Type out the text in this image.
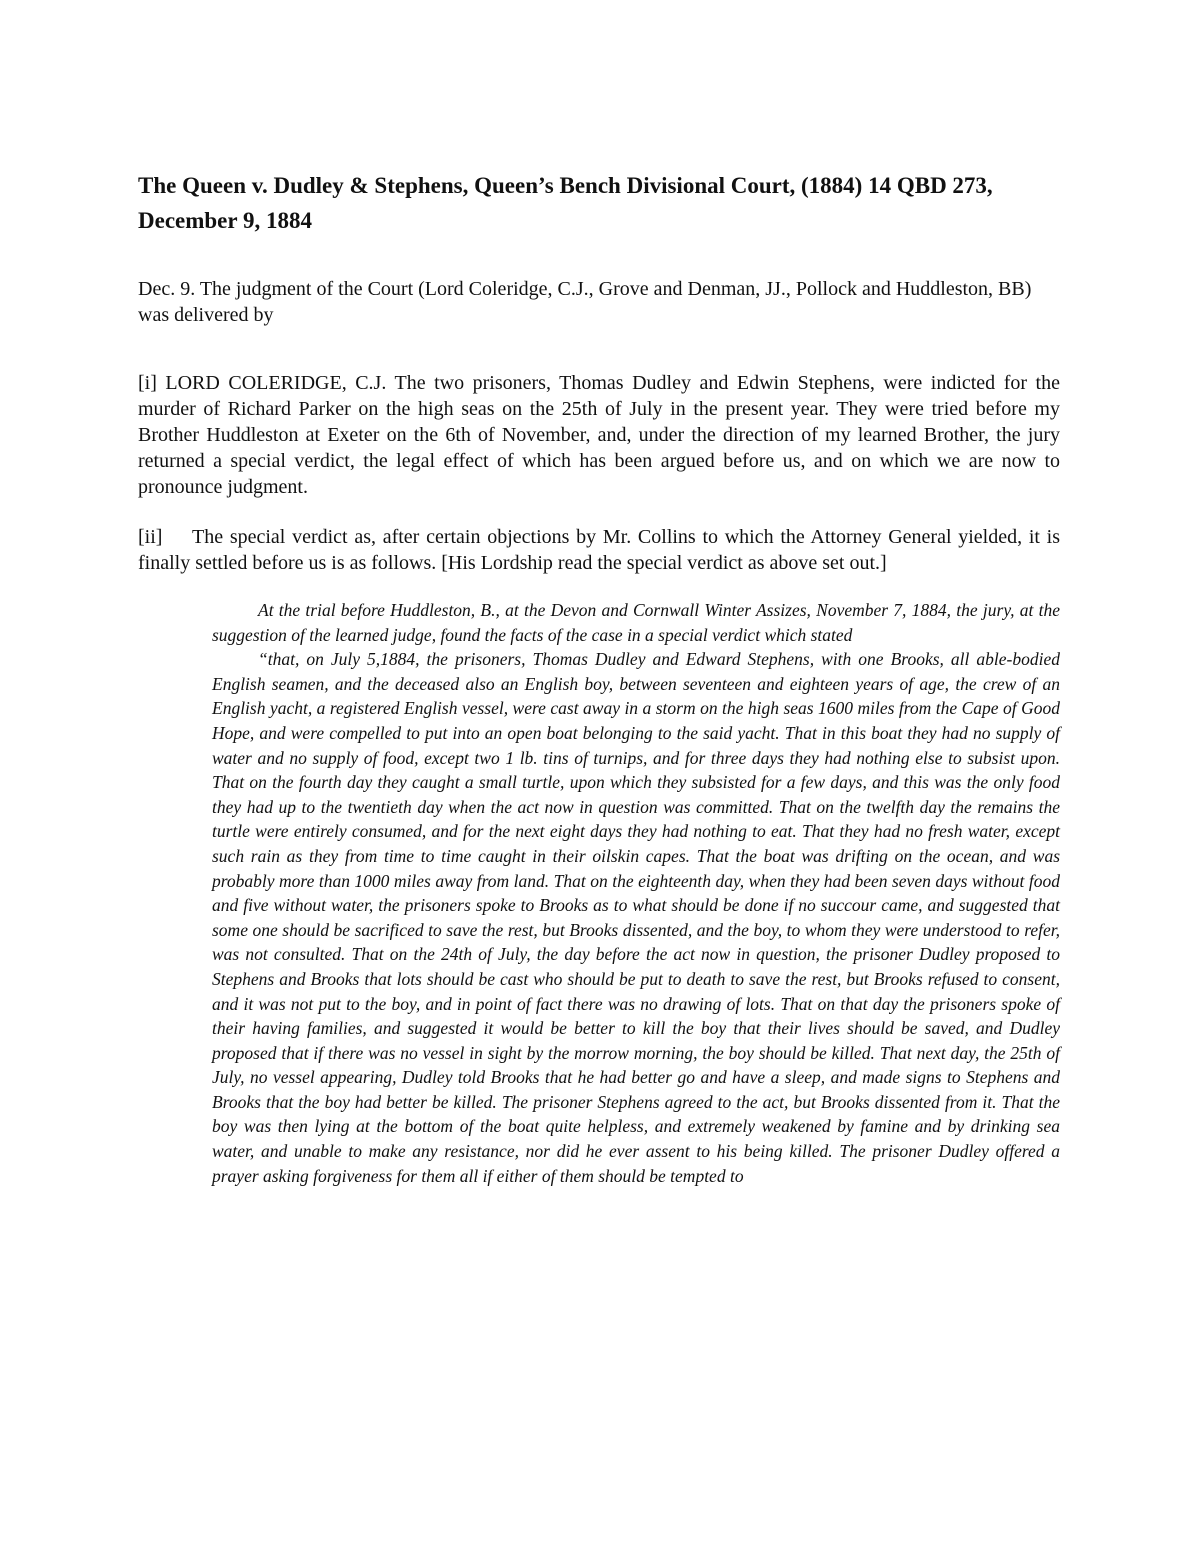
The Queen v. Dudley & Stephens, Queen’s Bench Divisional Court, (1884) 14 QBD 273, December 9, 1884

Dec. 9. The judgment of the Court (Lord Coleridge, C.J., Grove and Denman, JJ., Pollock and Huddleston, BB) was delivered by

[i] LORD COLERIDGE, C.J. The two prisoners, Thomas Dudley and Edwin Stephens, were indicted for the murder of Richard Parker on the high seas on the 25th of July in the present year. They were tried before my Brother Huddleston at Exeter on the 6th of November, and, under the direction of my learned Brother, the jury returned a special verdict, the legal effect of which has been argued before us, and on which we are now to pronounce judgment.

[ii] The special verdict as, after certain objections by Mr. Collins to which the Attorney General yielded, it is finally settled before us is as follows. [His Lordship read the special verdict as above set out.]

At the trial before Huddleston, B., at the Devon and Cornwall Winter Assizes, November 7, 1884, the jury, at the suggestion of the learned judge, found the facts of the case in a special verdict which stated

“that, on July 5,1884, the prisoners, Thomas Dudley and Edward Stephens, with one Brooks, all able-bodied English seamen, and the deceased also an English boy, between seventeen and eighteen years of age, the crew of an English yacht, a registered English vessel, were cast away in a storm on the high seas 1600 miles from the Cape of Good Hope, and were compelled to put into an open boat belonging to the said yacht. That in this boat they had no supply of water and no supply of food, except two 1 lb. tins of turnips, and for three days they had nothing else to subsist upon. That on the fourth day they caught a small turtle, upon which they subsisted for a few days, and this was the only food they had up to the twentieth day when the act now in question was committed. That on the twelfth day the remains the turtle were entirely consumed, and for the next eight days they had nothing to eat. That they had no fresh water, except such rain as they from time to time caught in their oilskin capes. That the boat was drifting on the ocean, and was probably more than 1000 miles away from land. That on the eighteenth day, when they had been seven days without food and five without water, the prisoners spoke to Brooks as to what should be done if no succour came, and suggested that some one should be sacrificed to save the rest, but Brooks dissented, and the boy, to whom they were understood to refer, was not consulted. That on the 24th of July, the day before the act now in question, the prisoner Dudley proposed to Stephens and Brooks that lots should be cast who should be put to death to save the rest, but Brooks refused to consent, and it was not put to the boy, and in point of fact there was no drawing of lots. That on that day the prisoners spoke of their having families, and suggested it would be better to kill the boy that their lives should be saved, and Dudley proposed that if there was no vessel in sight by the morrow morning, the boy should be killed. That next day, the 25th of July, no vessel appearing, Dudley told Brooks that he had better go and have a sleep, and made signs to Stephens and Brooks that the boy had better be killed. The prisoner Stephens agreed to the act, but Brooks dissented from it. That the boy was then lying at the bottom of the boat quite helpless, and extremely weakened by famine and by drinking sea water, and unable to make any resistance, nor did he ever assent to his being killed. The prisoner Dudley offered a prayer asking forgiveness for them all if either of them should be tempted to
